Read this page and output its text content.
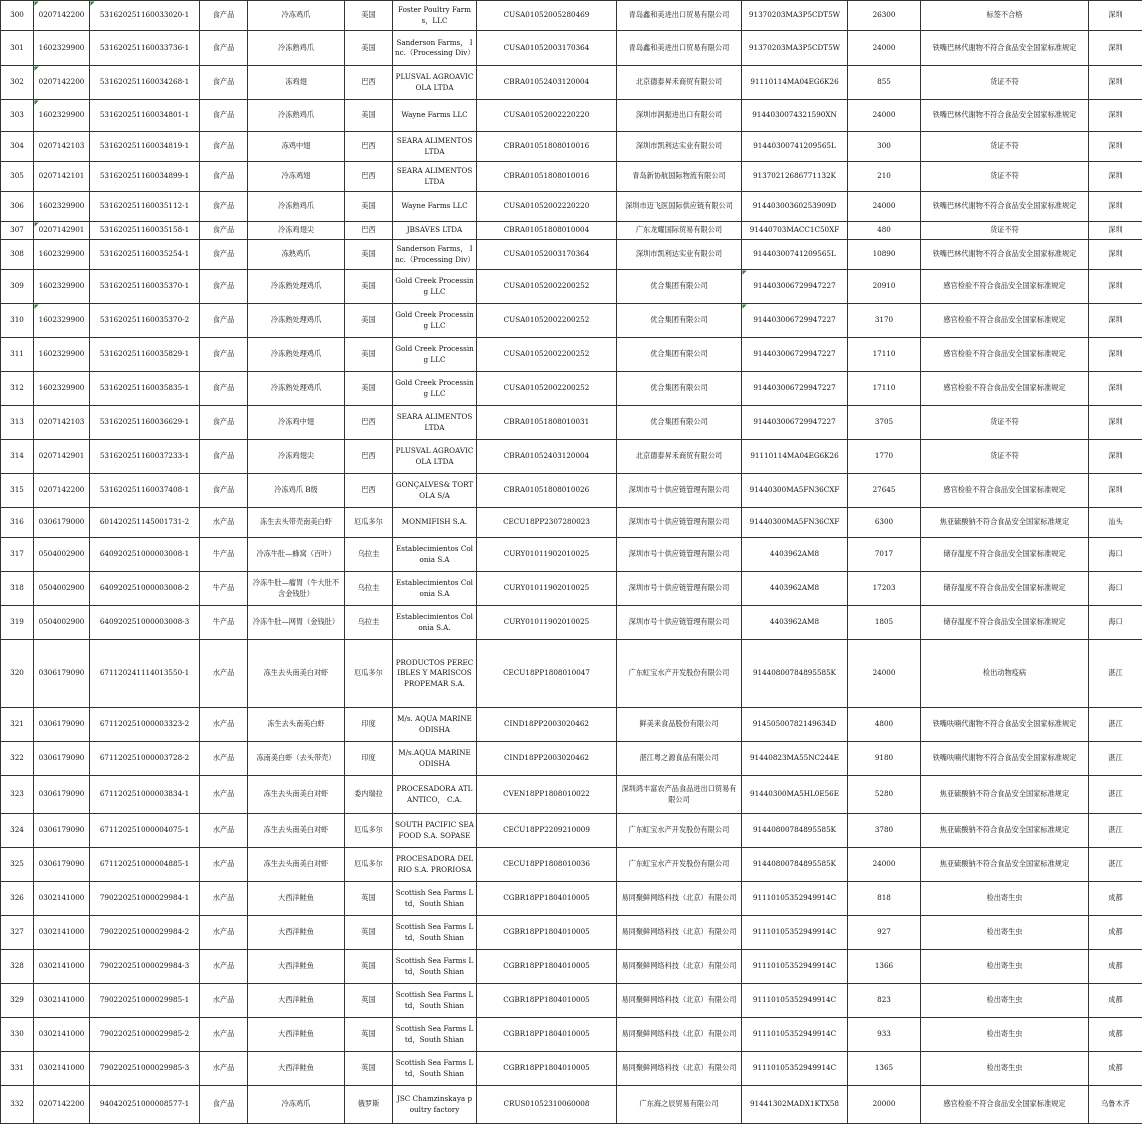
300	0207142200	531620251160033020-1	食产品	冷冻鸡爪	美国	Foster Poultry Farms，LLC	CUSA01052005280469	青岛鑫和美进出口贸易有限公司	91370203MA3P5CDT5W	26300	标签不合格	深圳
301	1602329900	531620251160033736-1	食产品	冷冻熟鸡爪	美国	Sanderson Farms， Inc.（Processing Div）	CUSA01052003170364	青岛鑫和美进出口贸易有限公司	91370203MA3P5CDT5W	24000	铁嘴巴林代谢物不符合食品安全国家标准规定	深圳
302	0207142200	531620251160034268-1	食产品	冻鸡翅	巴西	PLUSVAL AGROAVICOLA LTDA	CBRA01052403120004	北京德泰昇禾商贸有限公司	91110114MA04EG6K26	855	货证不符	深圳
303	1602329900	531620251160034801-1	食产品	冷冻熟鸡爪	美国	Wayne Farms LLC	CUSA01052002220220	深圳市润振进出口有限公司	9144030074321590XN	24000	铁嘴巴林代谢物不符合食品安全国家标准规定	深圳
304	0207142103	531620251160034819-1	食产品	冻鸡中翅	巴西	SEARA ALIMENTOS LTDA	CBRA01051808010016	深圳市凯利达实业有限公司	91440300741209565L	300	货证不符	深圳
305	0207142101	531620251160034899-1	食产品	冷冻鸡翅	巴西	SEARA ALIMENTOS LTDA	CBRA01051808010016	青岛新协航国际物流有限公司	91370212686771132K	210	货证不符	深圳
306	1602329900	531620251160035112-1	食产品	冷冻熟鸡爪	美国	Wayne Farms LLC	CUSA01052002220220	深圳市迈飞医国际供应链有限公司	91440300360253909D	24000	铁嘴巴林代谢物不符合食品安全国家标准规定	深圳
307	0207142901	531620251160035158-1	食产品	冷冻鸡翅尖	巴西	JBSAVES LTDA	CBRA01051808010004	广东龙耀国际贸易有限公司	91440703MACC1C50XF	480	货证不符	深圳
308	1602329900	531620251160035254-1	食产品	冻熟鸡爪	美国	Sanderson Farms， Inc.（Processing Div）	CUSA01052003170364	深圳市凯利达实业有限公司	91440300741209565L	10890	铁嘴巴林代谢物不符合食品安全国家标准规定	深圳
309	1602329900	531620251160035370-1	食产品	冷冻熟处理鸡爪	美国	Gold Creek Processing LLC	CUSA01052002200252	优合集团有限公司	914403006729947227	20910	感官检验不符合食品安全国家标准规定	深圳
310	1602329900	531620251160035370-2	食产品	冷冻熟处理鸡爪	美国	Gold Creek Processing LLC	CUSA01052002200252	优合集团有限公司	914403006729947227	3170	感官检验不符合食品安全国家标准规定	深圳
311	1602329900	531620251160035829-1	食产品	冷冻熟处理鸡爪	美国	Gold Creek Processing LLC	CUSA01052002200252	优合集团有限公司	914403006729947227	17110	感官检验不符合食品安全国家标准规定	深圳
312	1602329900	531620251160035835-1	食产品	冷冻熟处理鸡爪	美国	Gold Creek Processing LLC	CUSA01052002200252	优合集团有限公司	914403006729947227	17110	感官检验不符合食品安全国家标准规定	深圳
313	0207142103	531620251160036629-1	食产品	冷冻鸡中翅	巴西	SEARA ALIMENTOS LTDA	CBRA01051808010031	优合集团有限公司	914403006729947227	3705	货证不符	深圳
314	0207142901	531620251160037233-1	食产品	冷冻鸡翅尖	巴西	PLUSVAL AGROAVICOLA LTDA	CBRA01052403120004	北京德泰昇禾商贸有限公司	91110114MA04EG6K26	1770	货证不符	深圳
315	0207142200	531620251160037408-1	食产品	冷冻鸡爪 B级	巴西	GONÇALVES& TORTOLA S/A	CBRA01051808010026	深圳市号十供应链管理有限公司	91440300MA5FN36CXF	27645	感官检验不符合食品安全国家标准规定	深圳
316	0306179000	601420251145001731-2	水产品	冻生去头带壳南美白虾	厄瓜多尔	MONMIFISH S.A.	CECU18PP2307280023	深圳市号十供应链管理有限公司	91440300MA5FN36CXF	6300	焦亚硫酸钠不符合食品安全国家标准规定	汕头
317	0504002900	640920251000003008-1	牛产品	冷冻牛肚—蜂窝（百叶）	乌拉圭	Establecimientos Colonia S.A	CURY01011902010025	深圳市号十供应链管理有限公司	4403962AM8	7017	储存温度不符合食品安全国家标准规定	海口
318	0504002900	640920251000003008-2	牛产品	冷冻牛肚—瘤胃（牛大肚不含金钱肚）	乌拉圭	Establecimientos Colonia S.A	CURY01011902010025	深圳市号十供应链管理有限公司	4403962AM8	17203	储存温度不符合食品安全国家标准规定	海口
319	0504002900	640920251000003008-3	牛产品	冷冻牛肚—网胃（金钱肚）	乌拉圭	Establecimientos Colonia S.A.	CURY01011902010025	深圳市号十供应链管理有限公司	4403962AM8	1805	储存温度不符合食品安全国家标准规定	海口
320	0306179090	671120241114013550-1	水产品	冻生去头南美白对虾	厄瓜多尔	PRODUCTOS PERECIBLES Y MARISCOS PROPEMAR S.A.	CECU18PP1808010047	广东虹宝水产开发股份有限公司	91440800784895585K	24000	检出动物疫病	湛江
321	0306179090	671120251000003323-2	水产品	冻生去头南美白虾	印度	M/s. AQUA MARINE ODISHA	CIND18PP2003020462	鲜美来食品股份有限公司	91450500782149634D	4800	铁嘴呋喃代谢物不符合食品安全国家标准规定	湛江
322	0306179090	671120251000003728-2	水产品	冻南美白虾（去头带壳）	印度	M/s.AQUA MARINE ODISHA	CIND18PP2003020462	湛江粤之源食品有限公司	91440823MA55NC244E	9180	铁嘴呋喃代谢物不符合食品安全国家标准规定	湛江
323	0306179090	671120251000003834-1	水产品	冻生去头南美白对虾	委内瑞拉	PROCESADORA ATLANTICO， C.A.	CVEN18PP1808010022	深圳鸿丰富农产品食品进出口贸易有限公司	91440300MA5HL0E56E	5280	焦亚硫酸钠不符合食品安全国家标准规定	湛江
324	0306179090	671120251000004075-1	水产品	冻生去头南美白对虾	厄瓜多尔	SOUTH PACIFIC SEAFOOD S.A. SOPASE	CECU18PP2209210009	广东虹宝水产开发股份有限公司	91440800784895585K	3780	焦亚硫酸钠不符合食品安全国家标准规定	湛江
325	0306179090	671120251000004885-1	水产品	冻生去头南美白对虾	厄瓜多尔	PROCESADORA DEL RIO S.A. PRORIOSA	CECU18PP1808010036	广东虹宝水产开发股份有限公司	91440800784895585K	24000	焦亚硫酸钠不符合食品安全国家标准规定	湛江
326	0302141000	790220251000029984-1	水产品	大西洋鲑鱼	英国	Scottish Sea Farms Ltd，South Shian	CGBR18PP1804010005	易同聚鲜网络科技（北京）有限公司	91110105352949914C	818	检出寄生虫	成都
327	0302141000	790220251000029984-2	水产品	大西洋鲑鱼	英国	Scottish Sea Farms Ltd，South Shian	CGBR18PP1804010005	易同聚鲜网络科技（北京）有限公司	91110105352949914C	927	检出寄生虫	成都
328	0302141000	790220251000029984-3	水产品	大西洋鲑鱼	英国	Scottish Sea Farms Ltd，South Shian	CGBR18PP1804010005	易同聚鲜网络科技（北京）有限公司	91110105352949914C	1366	检出寄生虫	成都
329	0302141000	790220251000029985-1	水产品	大西洋鲑鱼	英国	Scottish Sea Farms Ltd，South Shian	CGBR18PP1804010005	易同聚鲜网络科技（北京）有限公司	91110105352949914C	823	检出寄生虫	成都
330	0302141000	790220251000029985-2	水产品	大西洋鲑鱼	英国	Scottish Sea Farms Ltd，South Shian	CGBR18PP1804010005	易同聚鲜网络科技（北京）有限公司	91110105352949914C	933	检出寄生虫	成都
331	0302141000	790220251000029985-3	水产品	大西洋鲑鱼	英国	Scottish Sea Farms Ltd，South Shian	CGBR18PP1804010005	易同聚鲜网络科技（北京）有限公司	91110105352949914C	1365	检出寄生虫	成都
332	0207142200	940420251000008577-1	食产品	冷冻鸡爪	俄罗斯	JSC Chamzinskaya poultry factory	CRUS01052310060008	广东海之辰贸易有限公司	91441302MADX1KTX58	20000	感官检验不符合食品安全国家标准规定	乌鲁木齐
